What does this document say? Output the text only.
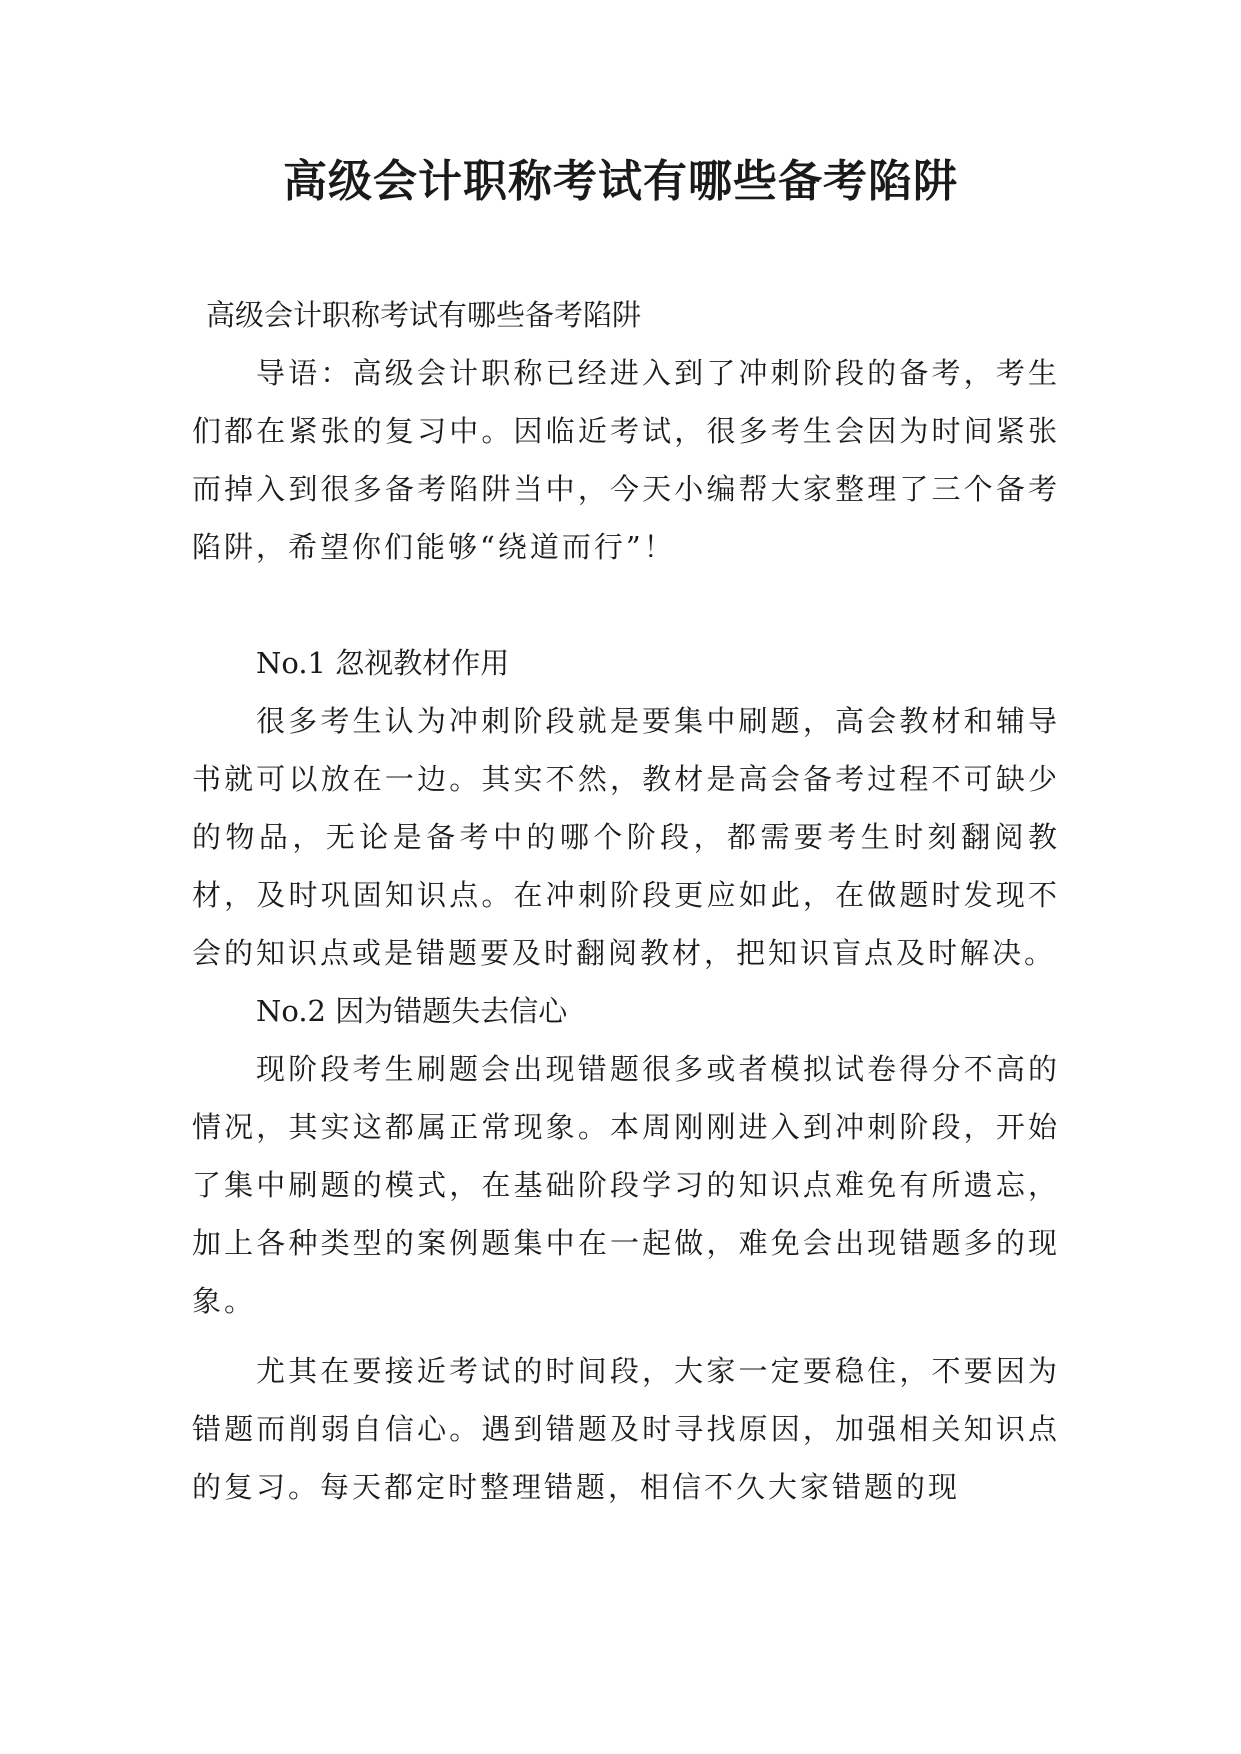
高级会计职称考试有哪些备考陷阱

高级会计职称考试有哪些备考陷阱

导语：高级会计职称已经进入到了冲刺阶段的备考，考生们都在紧张的复习中。因临近考试，很多考生会因为时间紧张而掉入到很多备考陷阱当中，今天小编帮大家整理了三个备考陷阱，希望你们能够“绕道而行”！

No.1 忽视教材作用

很多考生认为冲刺阶段就是要集中刷题，高会教材和辅导书就可以放在一边。其实不然，教材是高会备考过程不可缺少的物品，无论是备考中的哪个阶段，都需要考生时刻翻阅教材，及时巩固知识点。在冲刺阶段更应如此，在做题时发现不会的知识点或是错题要及时翻阅教材，把知识盲点及时解决。

No.2 因为错题失去信心

现阶段考生刷题会出现错题很多或者模拟试卷得分不高的情况，其实这都属正常现象。本周刚刚进入到冲刺阶段，开始了集中刷题的模式，在基础阶段学习的知识点难免有所遗忘，加上各种类型的案例题集中在一起做，难免会出现错题多的现象。

尤其在要接近考试的时间段，大家一定要稳住，不要因为错题而削弱自信心。遇到错题及时寻找原因，加强相关知识点的复习。每天都定时整理错题，相信不久大家错题的现
